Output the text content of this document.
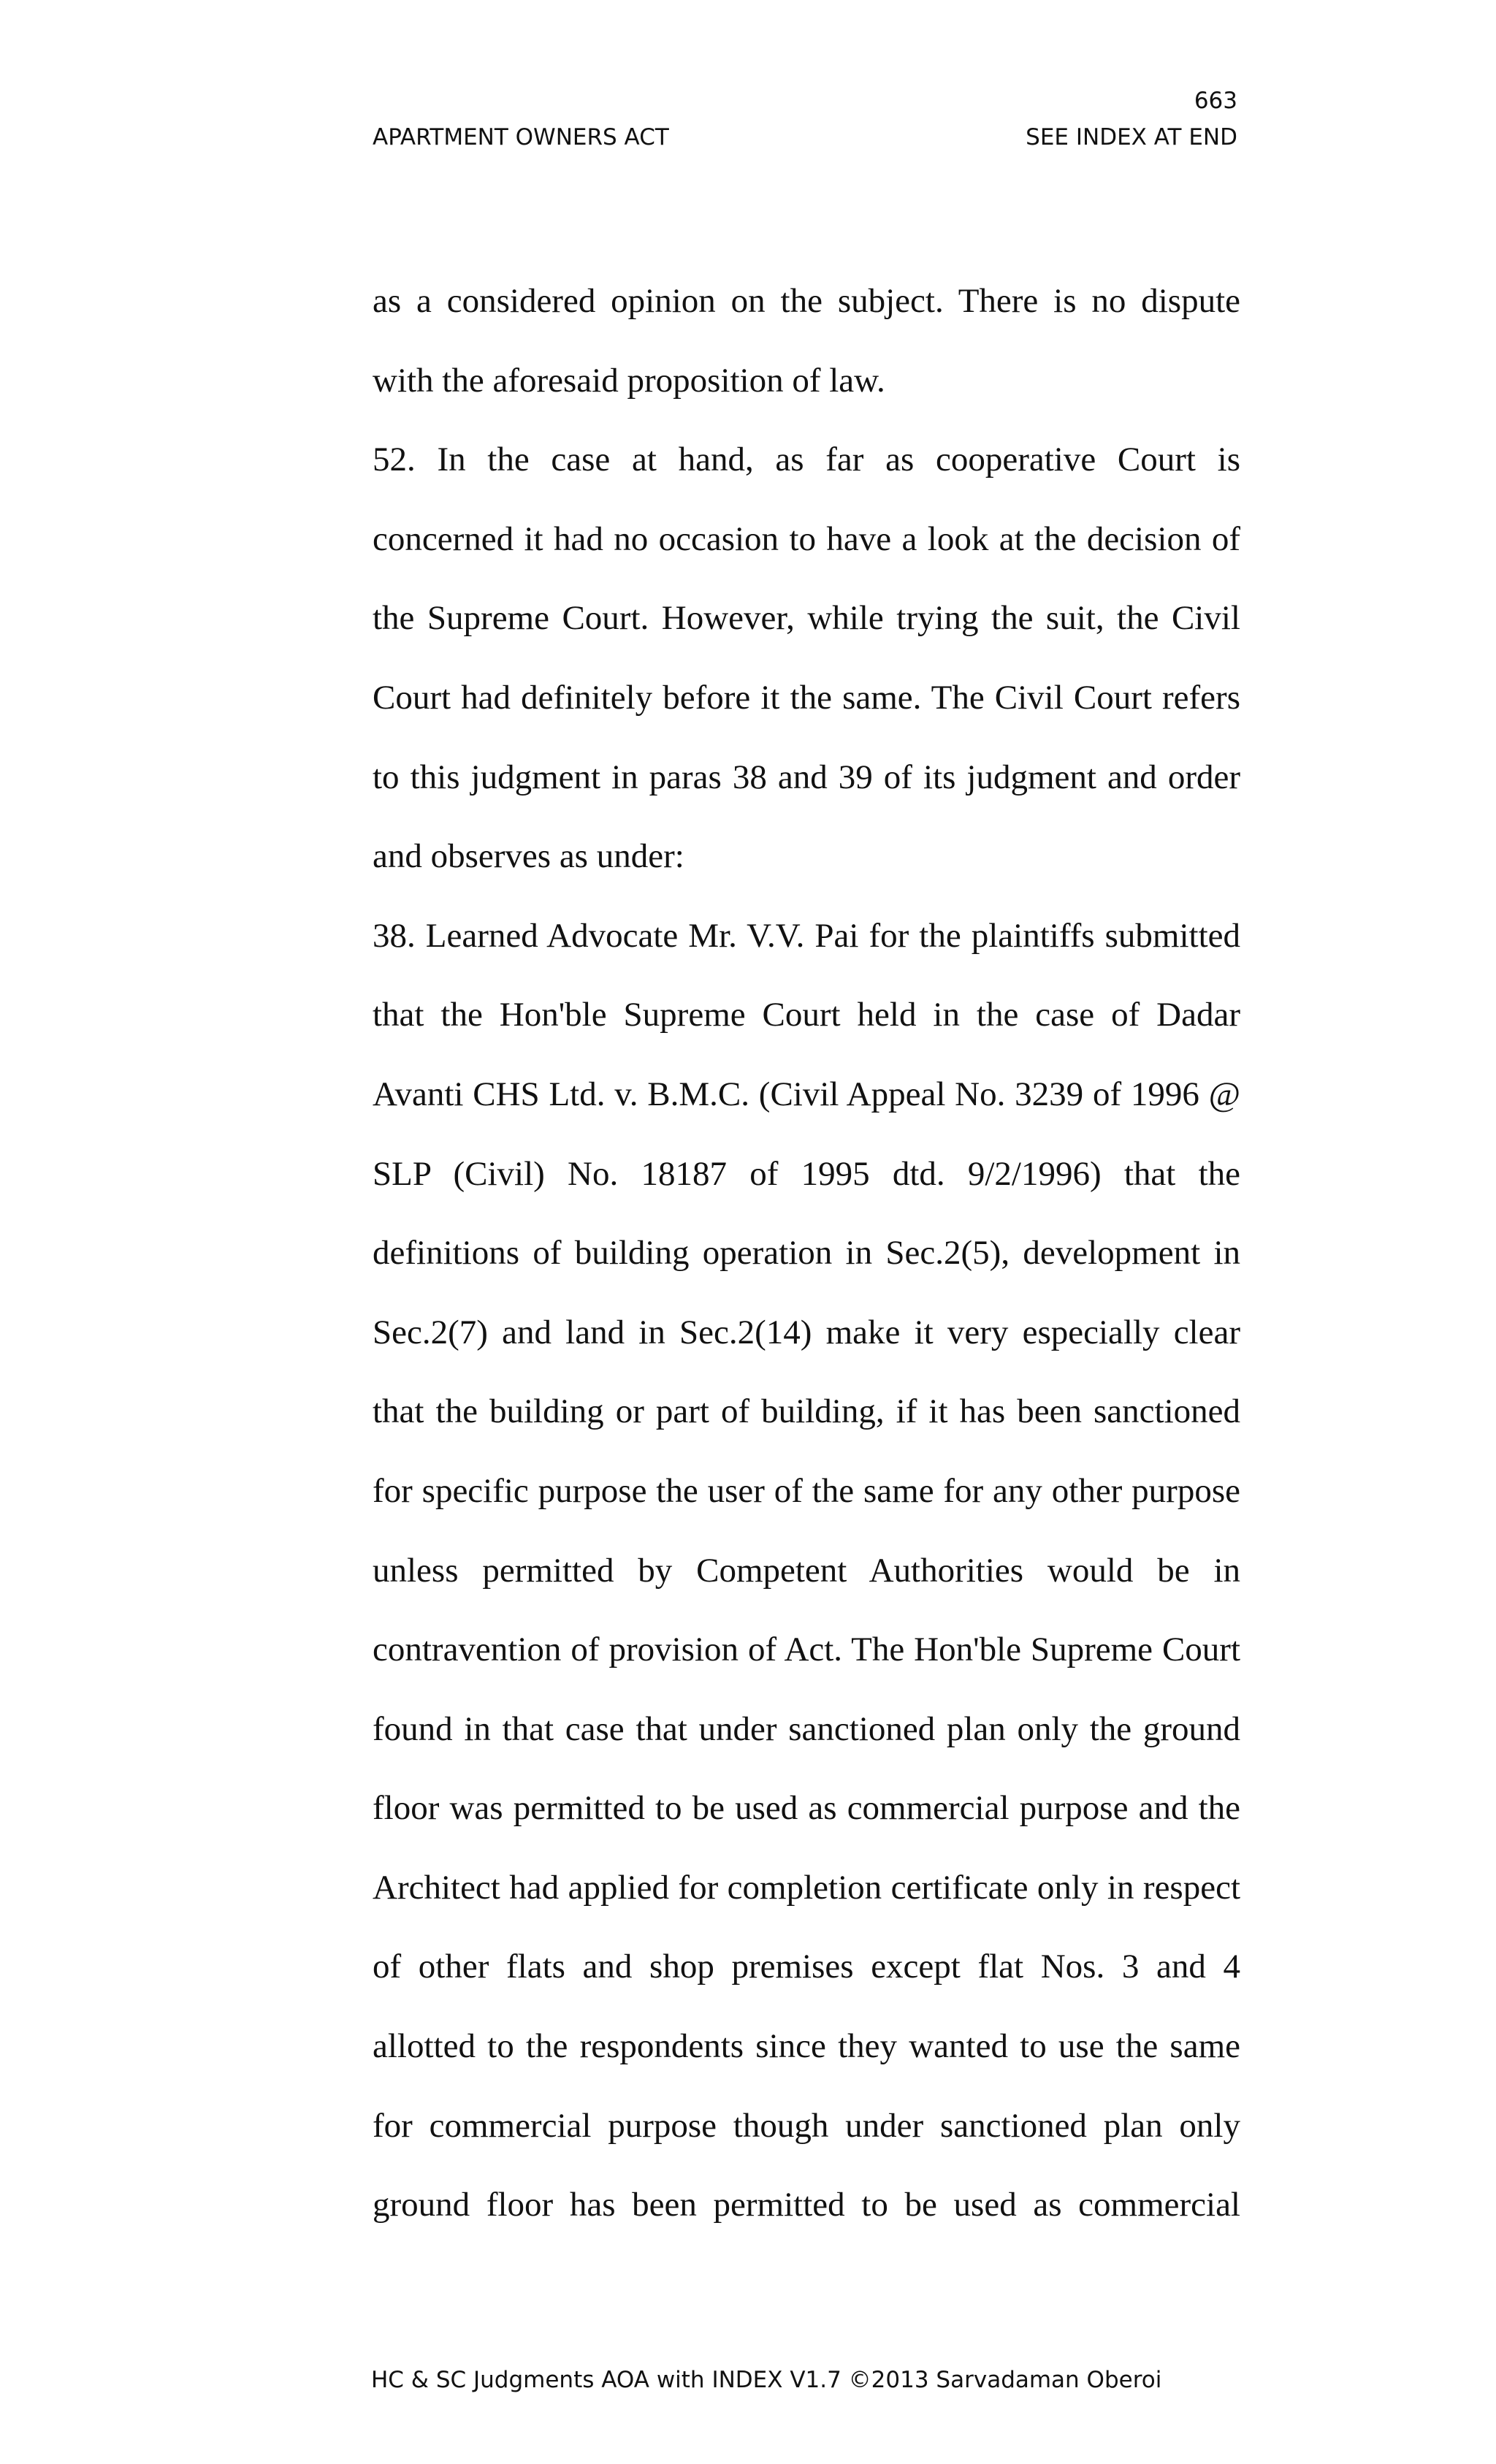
663
APARTMENT OWNERS ACT	SEE INDEX AT END

as a considered opinion on the subject. There is no dispute with the aforesaid proposition of law.

52. In the case at hand, as far as cooperative Court is concerned it had no occasion to have a look at the decision of the Supreme Court. However, while trying the suit, the Civil Court had definitely before it the same. The Civil Court refers to this judgment in paras 38 and 39 of its judgment and order and observes as under:

38. Learned Advocate Mr. V.V. Pai for the plaintiffs submitted that the Hon'ble Supreme Court held in the case of Dadar Avanti CHS Ltd. v. B.M.C. (Civil Appeal No. 3239 of 1996 @ SLP (Civil) No. 18187 of 1995 dtd. 9/2/1996) that the definitions of building operation in Sec.2(5), development in Sec.2(7) and land in Sec.2(14) make it very especially clear that the building or part of building, if it has been sanctioned for specific purpose the user of the same for any other purpose unless permitted by Competent Authorities would be in contravention of provision of Act. The Hon'ble Supreme Court found in that case that under sanctioned plan only the ground floor was permitted to be used as commercial purpose and the Architect had applied for completion certificate only in respect of other flats and shop premises except flat Nos. 3 and 4 allotted to the respondents since they wanted to use the same for commercial purpose though under sanctioned plan only ground floor has been permitted to be used as commercial

HC & SC Judgments AOA with INDEX V1.7 ©2013 Sarvadaman Oberoi
